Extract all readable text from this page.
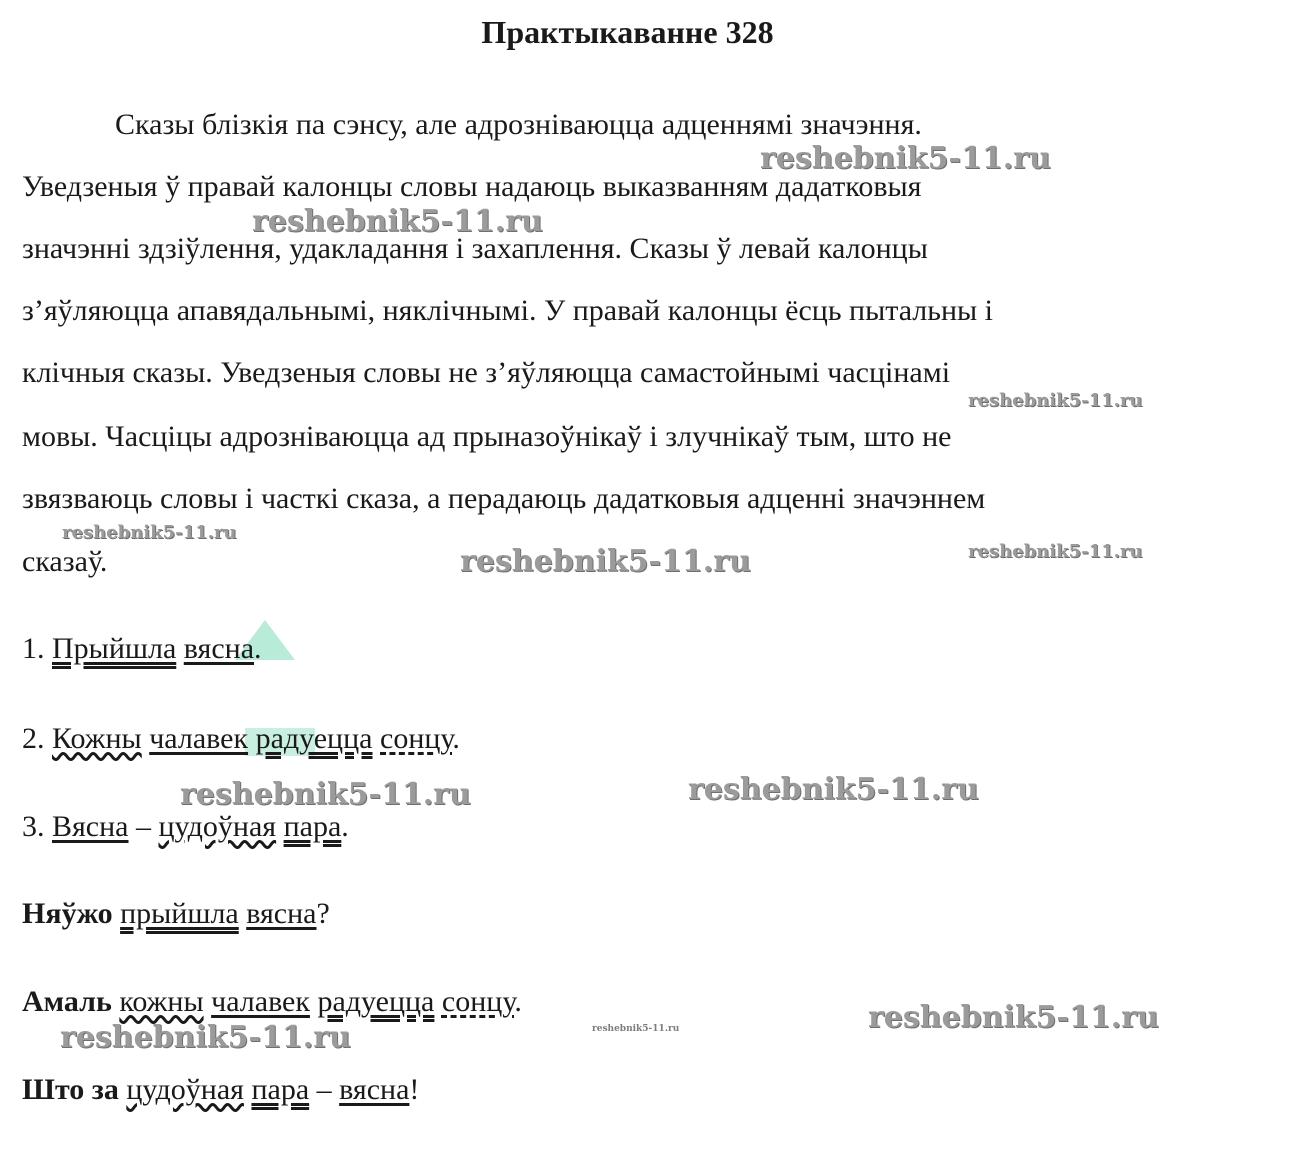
Практыкаванне 328

Сказы блізкія па сэнсу, але адрозніваюцца адценнямі значэння.

Уведзеныя ў правай калонцы словы надаюць выказванням дадатковыя

значэнні здзіўлення, удакладання і захаплення. Сказы ў левай калонцы

з’яўляюцца апавядальнымі, няклічнымі. У правай калонцы ёсць пытальны і

клічныя сказы. Уведзеныя словы не з’яўляюцца самастойнымі часцінамі

мовы. Часціцы адрозніваюцца ад прыназоўнікаў і злучнікаў тым, што не

звязваюць словы і часткі сказа, а перадаюць дадатковыя адценні значэннем

сказаў.

1. Прыйшла вясна.

2. Кожны чалавек радуецца сонцу.

3. Вясна – цудоўная пара.

Няўжо прыйшла вясна?

Амаль кожны чалавек радуецца сонцу.

Што за цудоўная пара – вясна!

reshebnik5-11.ru
reshebnik5-11.ru
reshebnik5-11.ru
reshebnik5-11.ru
reshebnik5-11.ru
reshebnik5-11.ru
reshebnik5-11.ru	reshebnik5-11.ru
reshebnik5-11.ru
reshebnik5-11.ru
reshebnik5-11.ru
